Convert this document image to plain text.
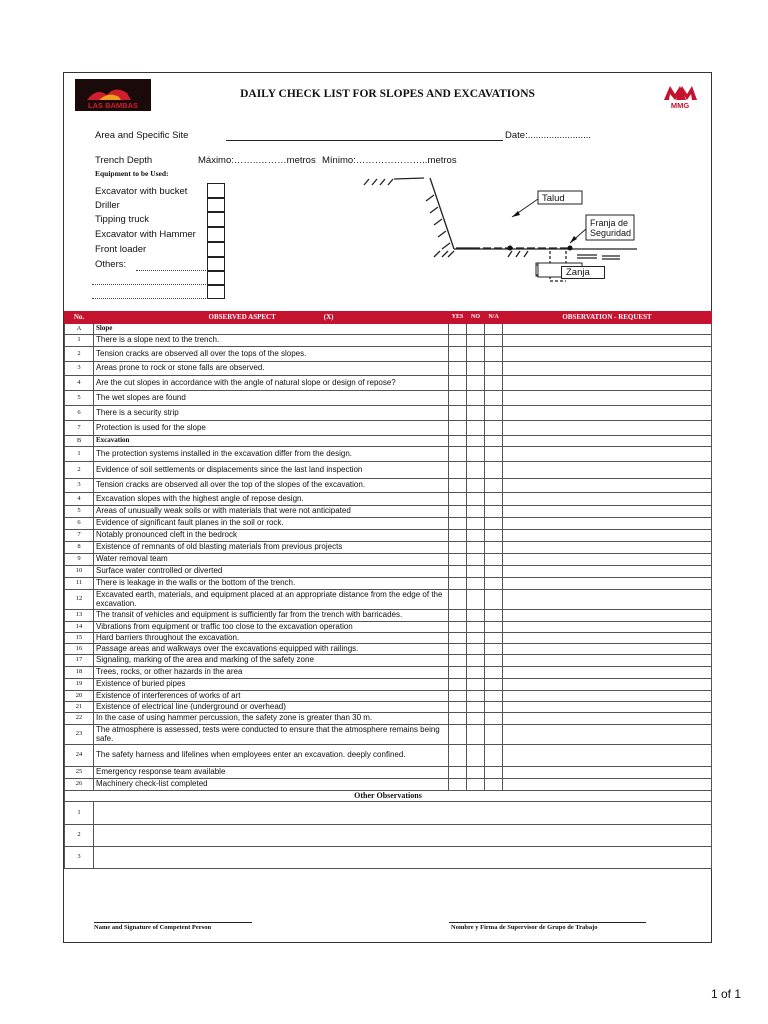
LAS BAMBAS
DAILY CHECK LIST FOR SLOPES AND EXCAVATIONS
MMG
Area and Specific Site	Date:........................
Trench Depth	Máximo:……..………metros Mínimo:…………………..metros
Equipment to be Used:
Excavator with bucket
Driller
Tipping truck
Excavator with Hammer
Front loader
Others:
Talud
Franja de
Seguridad
Zanja
No.	OBSERVED ASPECT (X)	YES	NO	N/A	OBSERVATION - REQUEST
A	Slope				
1	There is a slope next to the trench.				
2	Tension cracks are observed all over the tops of the slopes.				
3	Areas prone to rock or stone falls are observed.				
4	Are the cut slopes in accordance with the angle of natural slope or design of repose?				
5	The wet slopes are found				
6	There is a security strip				
7	Protection is used for the slope				
B	Excavation				
1	The protection systems installed in the excavation differ from the design.				
2	Evidence of soil settlements or displacements since the last land inspection				
3	Tension cracks are observed all over the top of the slopes of the excavation.				
4	Excavation slopes with the highest angle of repose design.				
5	Areas of unusually weak soils or with materials that were not anticipated				
6	Evidence of significant fault planes in the soil or rock.				
7	Notably pronounced cleft in the bedrock				
8	Existence of remnants of old blasting materials from previous projects				
9	Water removal team				
10	Surface water controlled or diverted				
11	There is leakage in the walls or the bottom of the trench.				
12	Excavated earth, materials, and equipment placed at an appropriate distance from the edge of the excavation.				
13	The transit of vehicles and equipment is sufficiently far from the trench with barricades.				
14	Vibrations from equipment or traffic too close to the excavation operation				
15	Hard barriers throughout the excavation.				
16	Passage areas and walkways over the excavations equipped with railings.				
17	Signaling, marking of the area and marking of the safety zone				
18	Trees, rocks, or other hazards in the area				
19	Existence of buried pipes				
20	Existence of interferences of works of art				
21	Existence of electrical line (underground or overhead)				
22	In the case of using hammer percussion, the safety zone is greater than 30 m.				
23	The atmosphere is assessed, tests were conducted to ensure that the atmosphere remains being safe.				
24	The safety harness and lifelines when employees enter an excavation. deeply confined.				
25	Emergency response team available				
26	Machinery check-list completed				
Other Observations					
1					
2					
3					
Name and Signature of Competent Person	Nombre y Firma de Supervisor de Grupo de Trabajo
1 of 1
